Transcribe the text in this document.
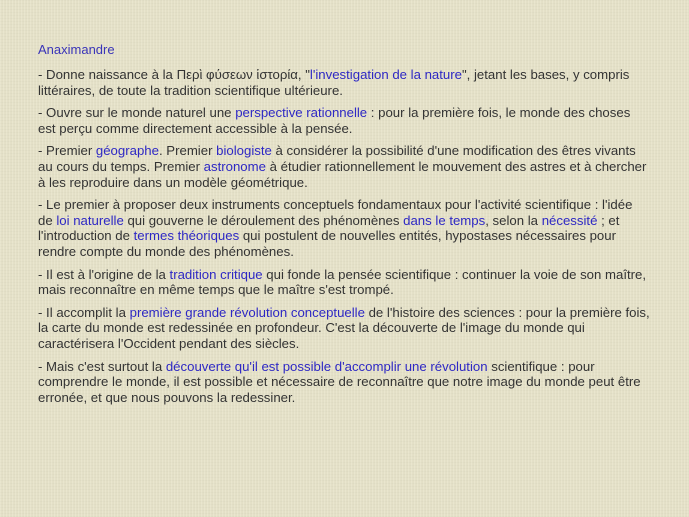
Anaximandre
- Donne naissance à la Περὶ φύσεων ἱστορία, "l'investigation de la nature", jetant les bases, y compris littéraires, de toute la tradition scientifique ultérieure.
- Ouvre sur le monde naturel une perspective rationnelle : pour la première fois, le monde des choses est perçu comme directement accessible à la pensée.
- Premier géographe. Premier biologiste à considérer la possibilité d'une modification des êtres vivants au cours du temps. Premier astronome à étudier rationnellement le mouvement des astres et à chercher à les reproduire dans un modèle géométrique.
- Le premier à proposer deux instruments conceptuels fondamentaux pour l'activité scientifique : l'idée de loi naturelle qui gouverne le déroulement des phénomènes dans le temps, selon la nécessité ; et l'introduction de termes théoriques qui postulent de nouvelles entités, hypostases nécessaires pour rendre compte du monde des phénomènes.
- Il est à l'origine de la tradition critique qui fonde la pensée scientifique : continuer la voie de son maître, mais reconnaître en même temps que le maître s'est trompé.
- Il accomplit la première grande révolution conceptuelle de l'histoire des sciences : pour la première fois, la carte du monde est redessinée en profondeur. C'est la découverte de l'image du monde qui caractérisera l'Occident pendant des siècles.
- Mais c'est surtout la découverte qu'il est possible d'accomplir une révolution scientifique : pour comprendre le monde, il est possible et nécessaire de reconnaître que notre image du monde peut être erronée, et que nous pouvons la redessiner.
